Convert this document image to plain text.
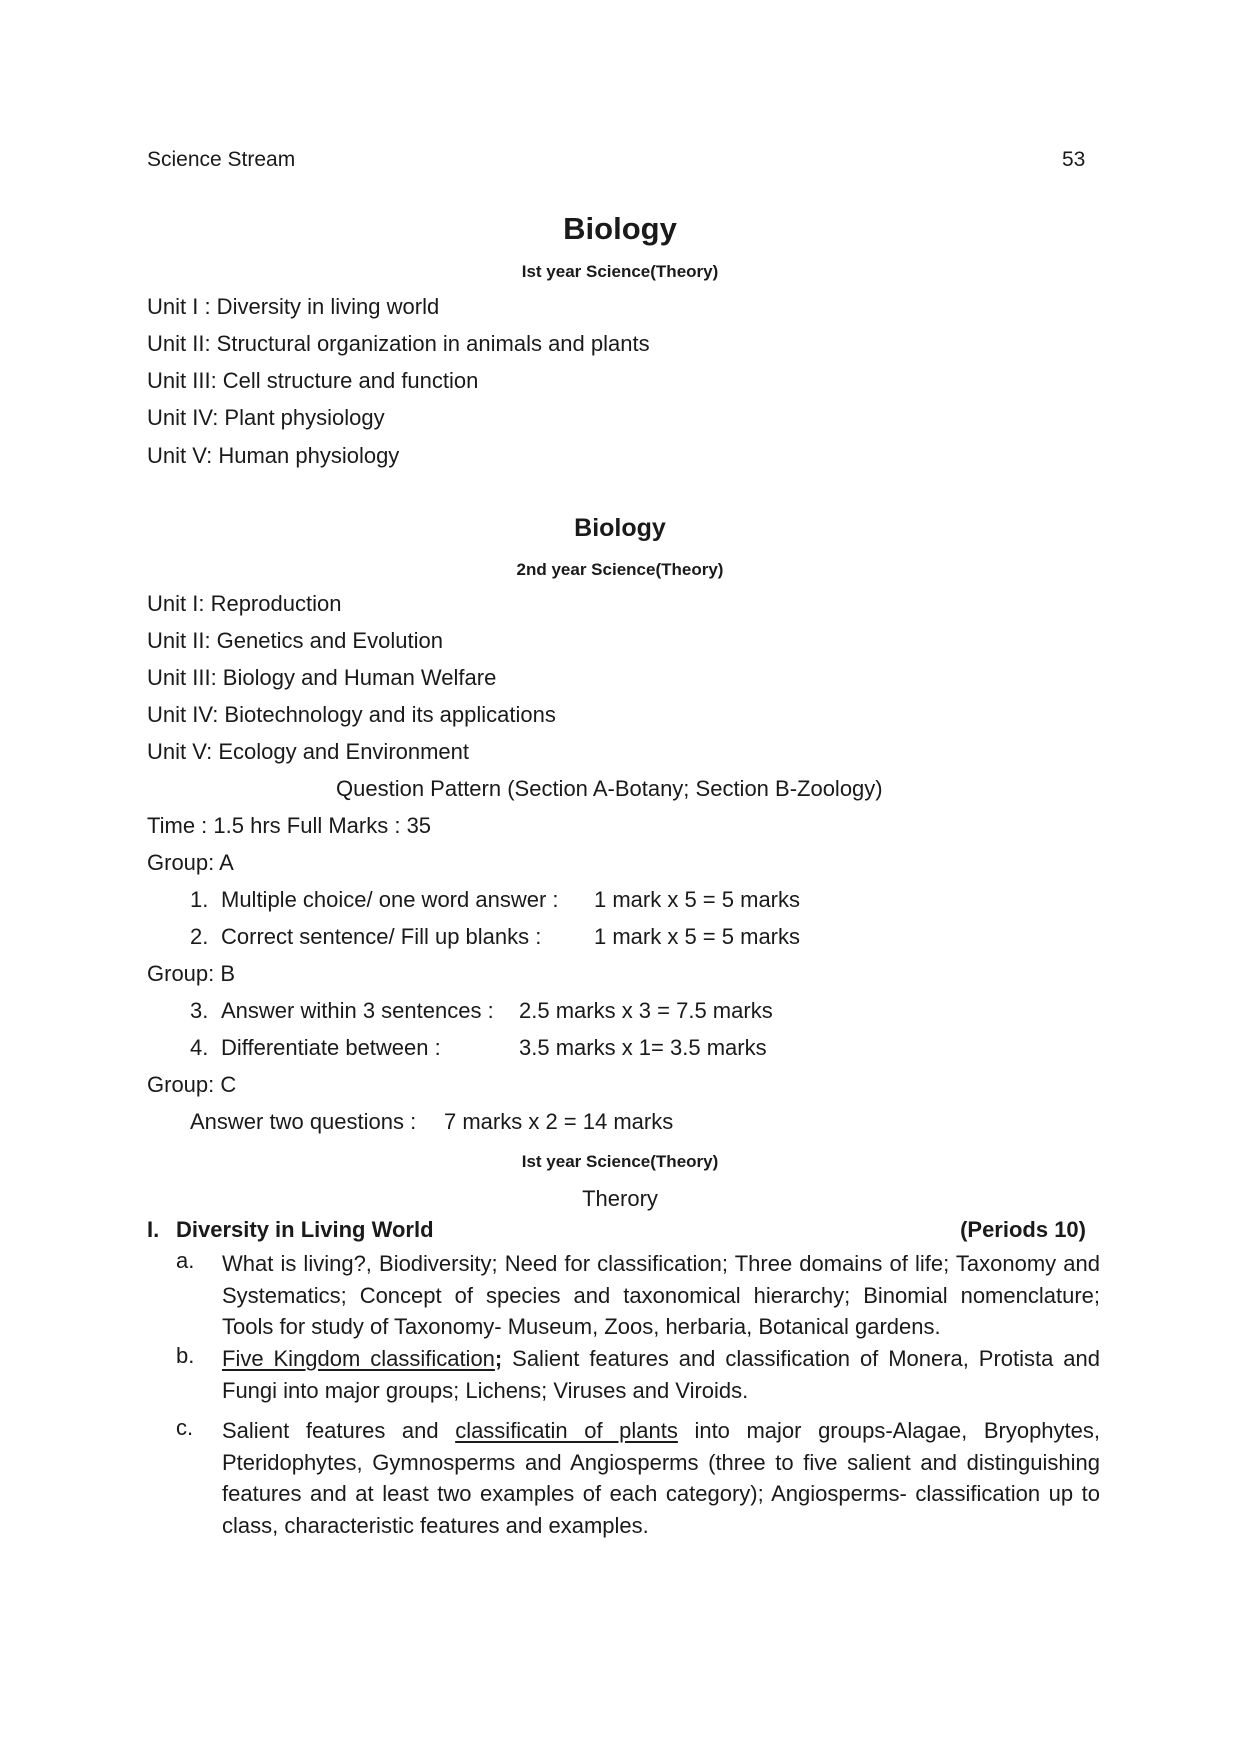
Science Stream	53
Biology
Ist year Science(Theory)
Unit I : Diversity in living world
Unit II: Structural organization in animals and plants
Unit III: Cell structure and function
Unit IV: Plant physiology
Unit V: Human physiology
Biology
2nd year Science(Theory)
Unit I: Reproduction
Unit II: Genetics and Evolution
Unit III: Biology and Human Welfare
Unit IV: Biotechnology and its applications
Unit V: Ecology and Environment
Question Pattern (Section A-Botany; Section B-Zoology)
Time : 1.5 hrs Full Marks : 35
Group: A
1. Multiple choice/ one word answer : 1 mark x 5 = 5 marks
2. Correct sentence/ Fill up blanks : 1 mark x 5 = 5 marks
Group: B
3. Answer within 3 sentences : 2.5 marks x 3 = 7.5 marks
4. Differentiate between :	3.5 marks x 1= 3.5 marks
Group: C
Answer two questions : 7 marks x 2 = 14 marks
Ist year Science(Theory)
Therory
I. Diversity in Living World	(Periods 10)
a. What is living?, Biodiversity; Need for classification; Three domains of life; Taxonomy and Systematics; Concept of species and taxonomical hierarchy; Binomial nomenclature; Tools for study of Taxonomy- Museum, Zoos, herbaria, Botanical gardens.
b. Five Kingdom classification; Salient features and classification of Monera, Protista and Fungi into major groups; Lichens; Viruses and Viroids.
c. Salient features and classificatin of plants into major groups-Alagae, Bryophytes, Pteridophytes, Gymnosperms and Angiosperms (three to five salient and distinguishing features and at least two examples of each category); Angiosperms- classification up to class, characteristic features and examples.
